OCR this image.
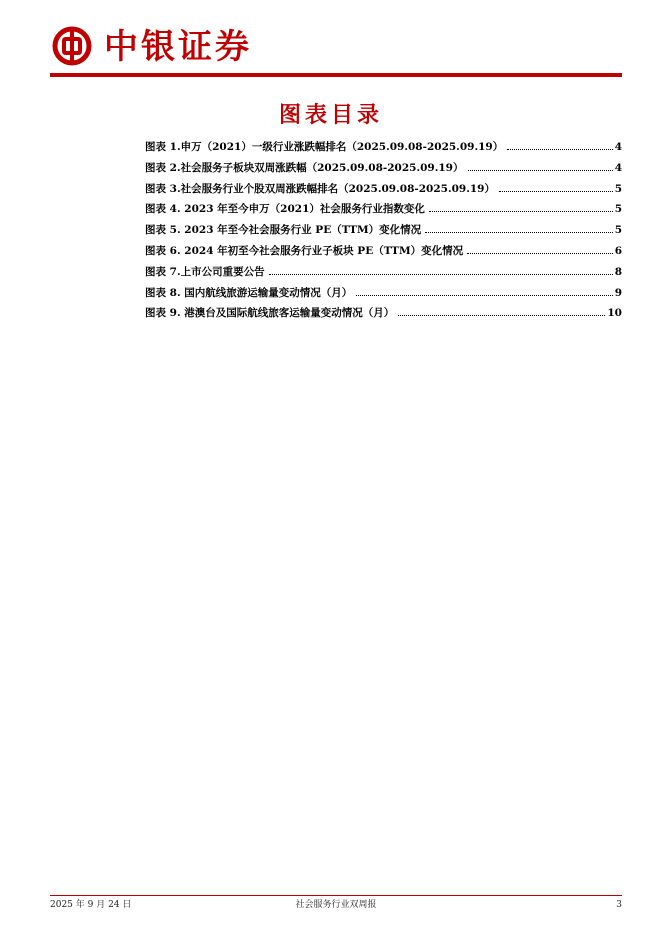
中银证券
图表目录
图表 1.申万（2021）一级行业涨跌幅排名（2025.09.08-2025.09.19）	4
图表 2.社会服务子板块双周涨跌幅（2025.09.08-2025.09.19）	4
图表 3.社会服务行业个股双周涨跌幅排名（2025.09.08-2025.09.19）	5
图表 4. 2023 年至今申万（2021）社会服务行业指数变化	5
图表 5. 2023 年至今社会服务行业 PE（TTM）变化情况	5
图表 6. 2024 年初至今社会服务行业子板块 PE（TTM）变化情况	6
图表 7.上市公司重要公告	8
图表 8. 国内航线旅游运输量变动情况（月）	9
图表 9. 港澳台及国际航线旅客运输量变动情况（月）	10
2025 年 9 月 24 日	社会服务行业双周报	3
